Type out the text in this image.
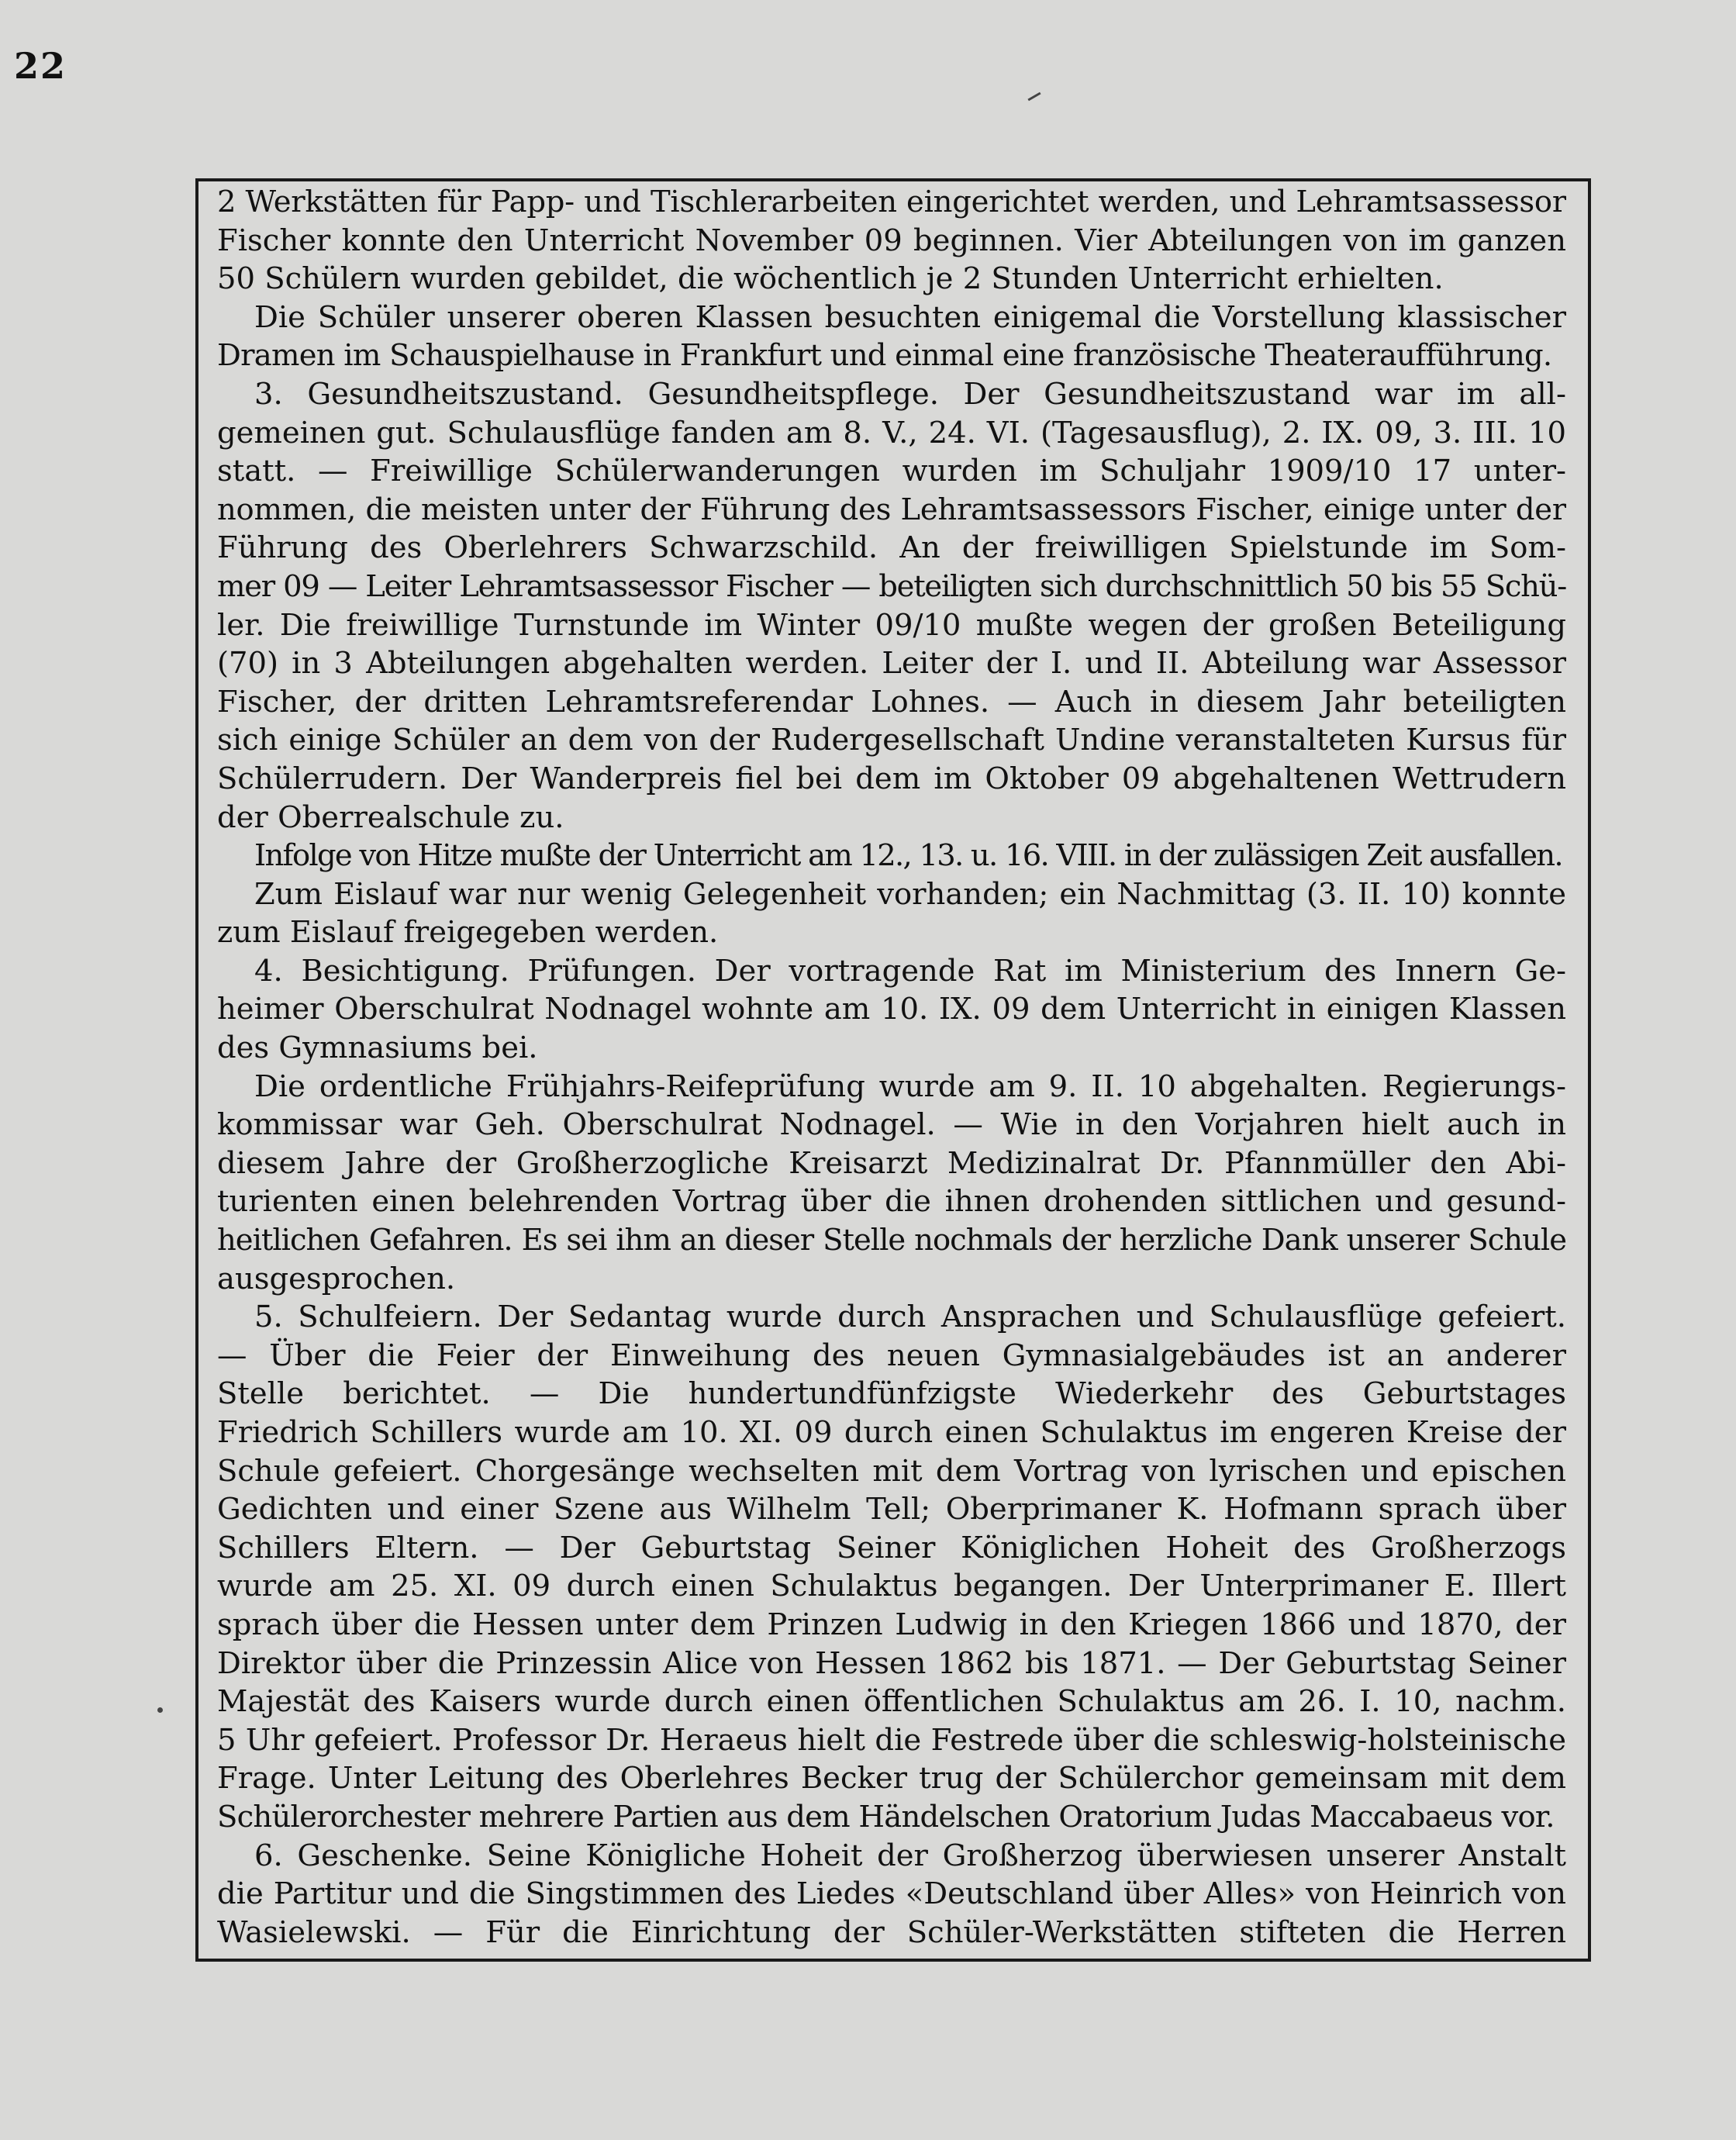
22
2 Werkstätten für Papp- und Tischlerarbeiten eingerichtet werden, und Lehramtsassessor
Fischer konnte den Unterricht November 09 beginnen. Vier Abteilungen von im ganzen
50 Schülern wurden gebildet, die wöchentlich je 2 Stunden Unterricht erhielten.
Die Schüler unserer oberen Klassen besuchten einigemal die Vorstellung klassischer
Dramen im Schauspielhause in Frankfurt und einmal eine französische Theateraufführung.
3. Gesundheitszustand. Gesundheitspflege. Der Gesundheitszustand war im all-
gemeinen gut. Schulausflüge fanden am 8. V., 24. VI. (Tagesausflug), 2. IX. 09, 3. III. 10
statt. — Freiwillige Schülerwanderungen wurden im Schuljahr 1909/10 17 unter-
nommen, die meisten unter der Führung des Lehramtsassessors Fischer, einige unter der
Führung des Oberlehrers Schwarzschild. An der freiwilligen Spielstunde im Som-
mer 09 — Leiter Lehramtsassessor Fischer — beteiligten sich durchschnittlich 50 bis 55 Schü-
ler. Die freiwillige Turnstunde im Winter 09/10 mußte wegen der großen Beteiligung
(70) in 3 Abteilungen abgehalten werden. Leiter der I. und II. Abteilung war Assessor
Fischer, der dritten Lehramtsreferendar Lohnes. — Auch in diesem Jahr beteiligten
sich einige Schüler an dem von der Rudergesellschaft Undine veranstalteten Kursus für
Schülerrudern. Der Wanderpreis fiel bei dem im Oktober 09 abgehaltenen Wettrudern
der Oberrealschule zu.
Infolge von Hitze mußte der Unterricht am 12., 13. u. 16. VIII. in der zulässigen Zeit ausfallen.
Zum Eislauf war nur wenig Gelegenheit vorhanden; ein Nachmittag (3. II. 10) konnte
zum Eislauf freigegeben werden.
4. Besichtigung. Prüfungen. Der vortragende Rat im Ministerium des Innern Ge-
heimer Oberschulrat Nodnagel wohnte am 10. IX. 09 dem Unterricht in einigen Klassen
des Gymnasiums bei.
Die ordentliche Frühjahrs-Reifeprüfung wurde am 9. II. 10 abgehalten. Regierungs-
kommissar war Geh. Oberschulrat Nodnagel. — Wie in den Vorjahren hielt auch in
diesem Jahre der Großherzogliche Kreisarzt Medizinalrat Dr. Pfannmüller den Abi-
turienten einen belehrenden Vortrag über die ihnen drohenden sittlichen und gesund-
heitlichen Gefahren. Es sei ihm an dieser Stelle nochmals der herzliche Dank unserer Schule
ausgesprochen.
5. Schulfeiern. Der Sedantag wurde durch Ansprachen und Schulausflüge gefeiert.
— Über die Feier der Einweihung des neuen Gymnasialgebäudes ist an anderer
Stelle berichtet. — Die hundertundfünfzigste Wiederkehr des Geburtstages
Friedrich Schillers wurde am 10. XI. 09 durch einen Schulaktus im engeren Kreise der
Schule gefeiert. Chorgesänge wechselten mit dem Vortrag von lyrischen und epischen
Gedichten und einer Szene aus Wilhelm Tell; Oberprimaner K. Hofmann sprach über
Schillers Eltern. — Der Geburtstag Seiner Königlichen Hoheit des Großherzogs
wurde am 25. XI. 09 durch einen Schulaktus begangen. Der Unterprimaner E. Illert
sprach über die Hessen unter dem Prinzen Ludwig in den Kriegen 1866 und 1870, der
Direktor über die Prinzessin Alice von Hessen 1862 bis 1871. — Der Geburtstag Seiner
Majestät des Kaisers wurde durch einen öffentlichen Schulaktus am 26. I. 10, nachm.
5 Uhr gefeiert. Professor Dr. Heraeus hielt die Festrede über die schleswig-holsteinische
Frage. Unter Leitung des Oberlehres Becker trug der Schülerchor gemeinsam mit dem
Schülerorchester mehrere Partien aus dem Händelschen Oratorium Judas Maccabaeus vor.
6. Geschenke. Seine Königliche Hoheit der Großherzog überwiesen unserer Anstalt
die Partitur und die Singstimmen des Liedes «Deutschland über Alles» von Heinrich von
Wasielewski. — Für die Einrichtung der Schüler-Werkstätten stifteten die Herren
